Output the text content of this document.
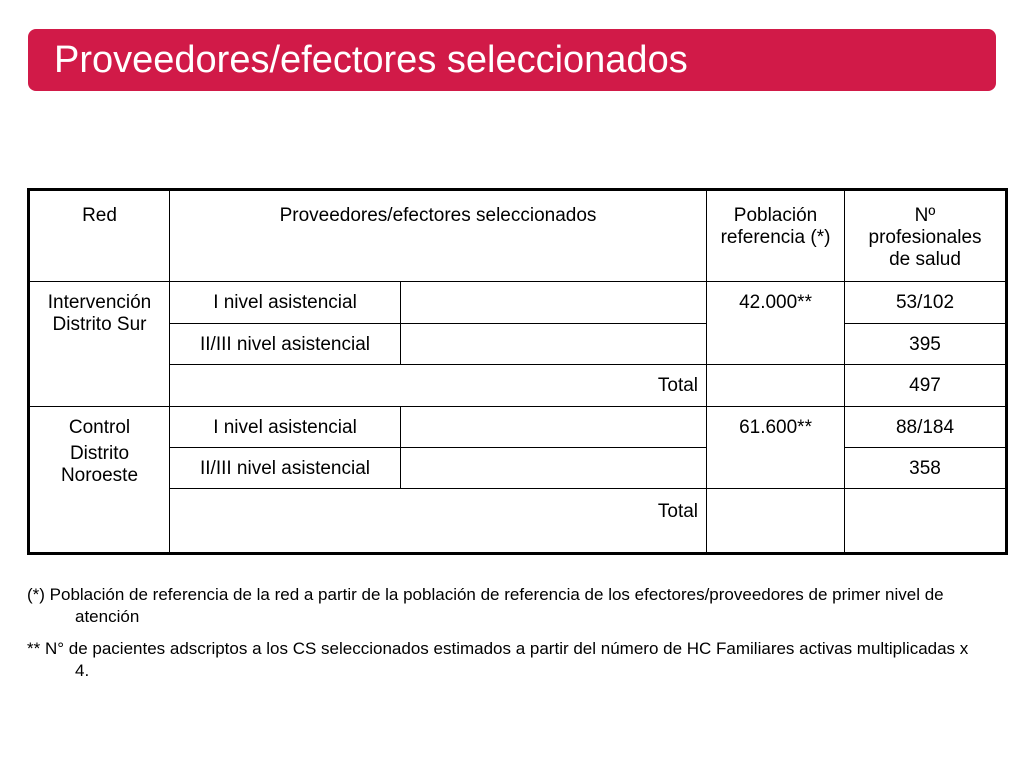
Proveedores/efectores seleccionados
Red	Proveedores/efectores seleccionados		Población referencia (*)	Nº profesionales de salud

Intervención
Distrito Sur	I nivel asistencial		42.000**	53/102
	II/III nivel asistencial			395
	Total			497

Control
Distrito Noroeste	I nivel asistencial		61.600**	88/184
	II/III nivel asistencial			358
	Total			

(*) Población de referencia de la red a partir de la población de referencia de los efectores/proveedores de primer nivel de atención

** N° de pacientes adscriptos a los CS seleccionados estimados a partir del número de HC Familiares activas multiplicadas x 4.
